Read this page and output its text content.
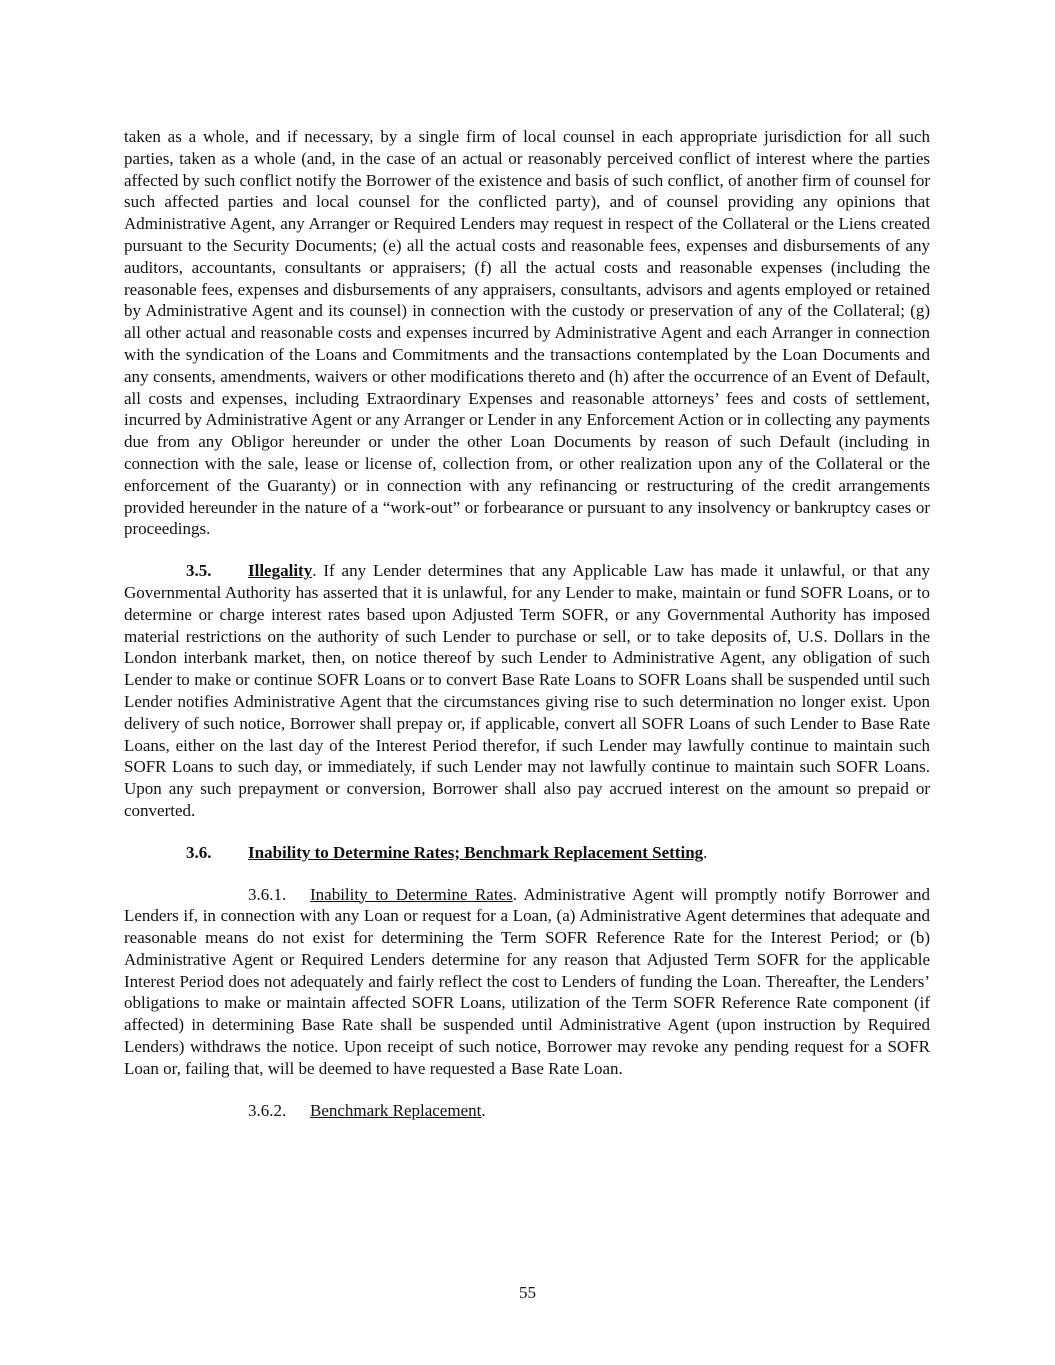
taken as a whole, and if necessary, by a single firm of local counsel in each appropriate jurisdiction for all such parties, taken as a whole (and, in the case of an actual or reasonably perceived conflict of interest where the parties affected by such conflict notify the Borrower of the existence and basis of such conflict, of another firm of counsel for such affected parties and local counsel for the conflicted party), and of counsel providing any opinions that Administrative Agent, any Arranger or Required Lenders may request in respect of the Collateral or the Liens created pursuant to the Security Documents; (e) all the actual costs and reasonable fees, expenses and disbursements of any auditors, accountants, consultants or appraisers; (f) all the actual costs and reasonable expenses (including the reasonable fees, expenses and disbursements of any appraisers, consultants, advisors and agents employed or retained by Administrative Agent and its counsel) in connection with the custody or preservation of any of the Collateral; (g) all other actual and reasonable costs and expenses incurred by Administrative Agent and each Arranger in connection with the syndication of the Loans and Commitments and the transactions contemplated by the Loan Documents and any consents, amendments, waivers or other modifications thereto and (h) after the occurrence of an Event of Default, all costs and expenses, including Extraordinary Expenses and reasonable attorneys’ fees and costs of settlement, incurred by Administrative Agent or any Arranger or Lender in any Enforcement Action or in collecting any payments due from any Obligor hereunder or under the other Loan Documents by reason of such Default (including in connection with the sale, lease or license of, collection from, or other realization upon any of the Collateral or the enforcement of the Guaranty) or in connection with any refinancing or restructuring of the credit arrangements provided hereunder in the nature of a “work-out” or forbearance or pursuant to any insolvency or bankruptcy cases or proceedings.

3.5. Illegality. If any Lender determines that any Applicable Law has made it unlawful, or that any Governmental Authority has asserted that it is unlawful, for any Lender to make, maintain or fund SOFR Loans, or to determine or charge interest rates based upon Adjusted Term SOFR, or any Governmental Authority has imposed material restrictions on the authority of such Lender to purchase or sell, or to take deposits of, U.S. Dollars in the London interbank market, then, on notice thereof by such Lender to Administrative Agent, any obligation of such Lender to make or continue SOFR Loans or to convert Base Rate Loans to SOFR Loans shall be suspended until such Lender notifies Administrative Agent that the circumstances giving rise to such determination no longer exist. Upon delivery of such notice, Borrower shall prepay or, if applicable, convert all SOFR Loans of such Lender to Base Rate Loans, either on the last day of the Interest Period therefor, if such Lender may lawfully continue to maintain such SOFR Loans to such day, or immediately, if such Lender may not lawfully continue to maintain such SOFR Loans. Upon any such prepayment or conversion, Borrower shall also pay accrued interest on the amount so prepaid or converted.

3.6. Inability to Determine Rates; Benchmark Replacement Setting.

3.6.1. Inability to Determine Rates. Administrative Agent will promptly notify Borrower and Lenders if, in connection with any Loan or request for a Loan, (a) Administrative Agent determines that adequate and reasonable means do not exist for determining the Term SOFR Reference Rate for the Interest Period; or (b) Administrative Agent or Required Lenders determine for any reason that Adjusted Term SOFR for the applicable Interest Period does not adequately and fairly reflect the cost to Lenders of funding the Loan. Thereafter, the Lenders’ obligations to make or maintain affected SOFR Loans, utilization of the Term SOFR Reference Rate component (if affected) in determining Base Rate shall be suspended until Administrative Agent (upon instruction by Required Lenders) withdraws the notice. Upon receipt of such notice, Borrower may revoke any pending request for a SOFR Loan or, failing that, will be deemed to have requested a Base Rate Loan.

3.6.2. Benchmark Replacement.

55
